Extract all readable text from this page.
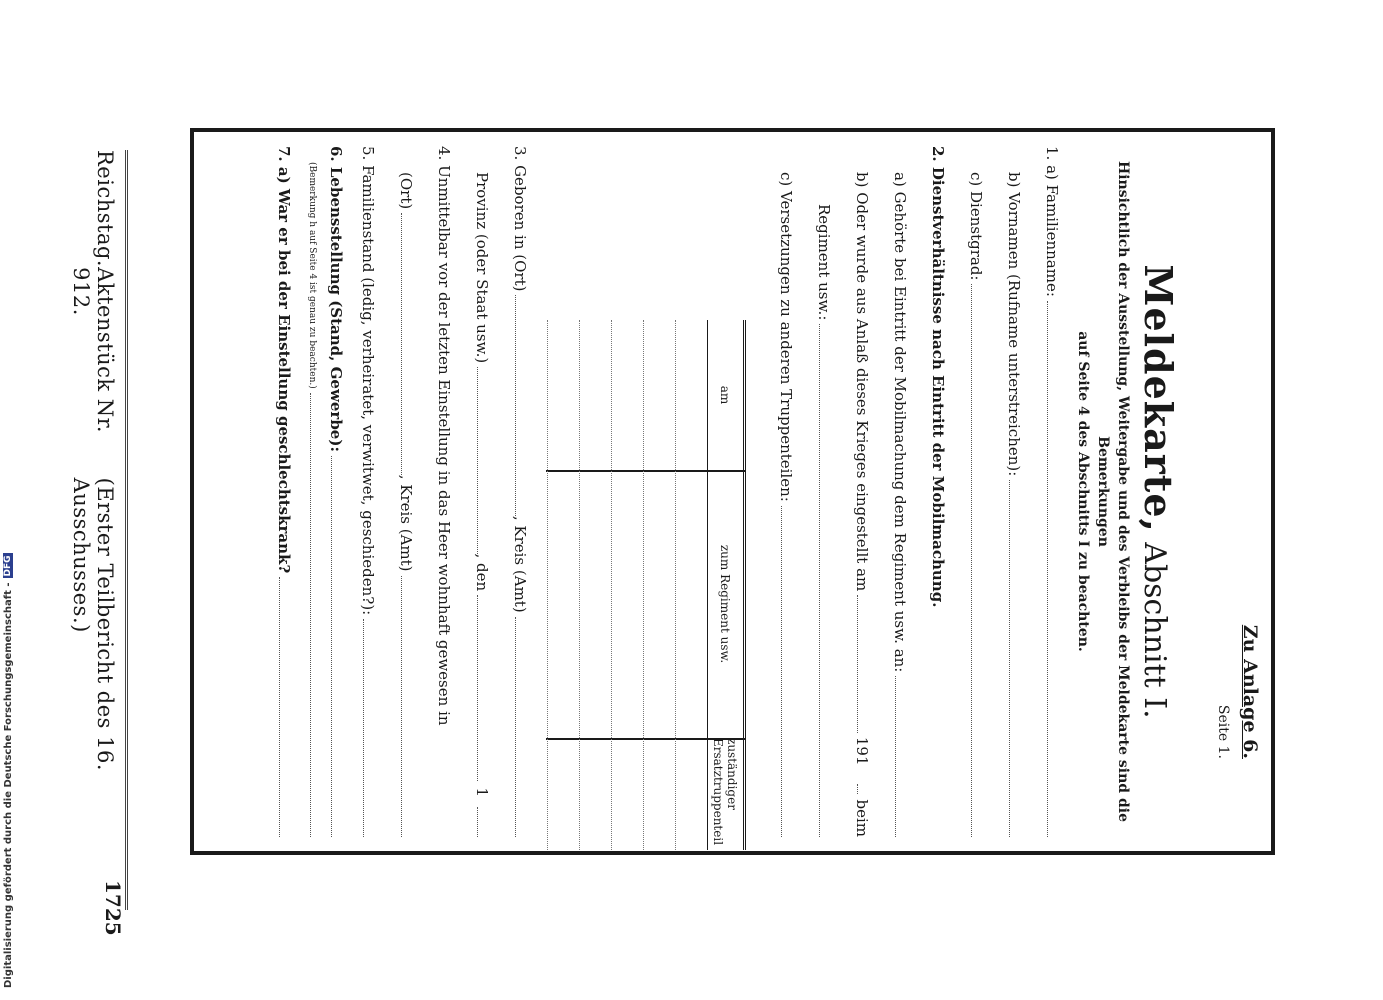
Reichstag.
Aktenstück Nr. 912.
(Erster Teilbericht des 16. Ausschusses.)
1725
Zu Anlage 6.
Seite 1.
Meldekarte, Abschnitt I.
Hinsichtlich der Ausstellung, Weitergabe und des Verbleibs der Meldekarte sind die Bemerkungen
auf Seite 4 des Abschnitts I zu beachten.
1. a) Familienname:
b) Vornamen (Rufname unterstreichen):
c) Dienstgrad:
2. Dienstverhältnisse nach Eintritt der Mobilmachung.
a) Gehörte bei Eintritt der Mobilmachung dem Regiment usw. an:
b) Oder wurde aus Anlaß dieses Krieges eingestellt am
191
beim
Regiment usw.:
c) Versetzungen zu anderen Truppenteilen:
am
zum Regiment usw.
zuständiger Ersatztruppenteil
3. Geboren in (Ort)
, Kreis (Amt)
Provinz (oder Staat usw.)
, den
1
4. Unmittelbar vor der letzten Einstellung in das Heer wohnhaft gewesen in
(Ort)
, Kreis (Amt)
5. Familienstand (ledig, verheiratet, verwitwet, geschieden?):
6. Lebensstellung (Stand, Gewerbe):
(Bemerkung h auf Seite 4 ist genau zu beachten.)
7. a) War er bei der Einstellung geschlechtskrank?
Digitalisierung gefördert durch die Deutsche Forschungsgemeinschaft -
DFG
